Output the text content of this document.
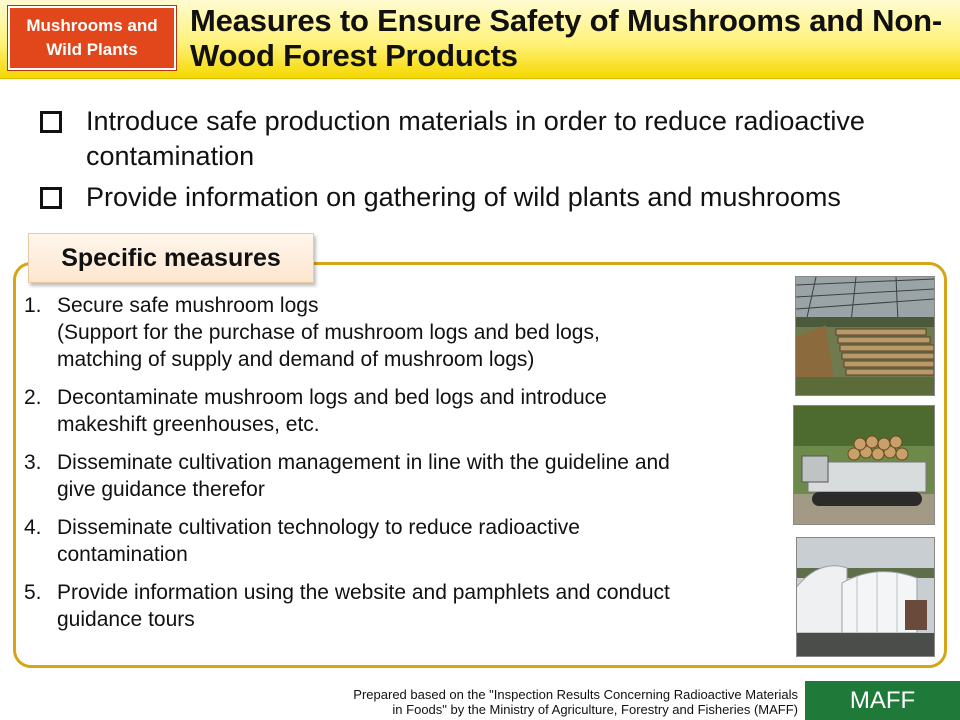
Mushrooms and Wild Plants
Measures to Ensure Safety of Mushrooms and Non-Wood Forest Products
Introduce safe production materials in order to reduce radioactive contamination
Provide information on gathering of wild plants and mushrooms
Specific measures
1. Secure safe mushroom logs
(Support for the purchase of mushroom logs and bed logs,
matching of supply and demand of mushroom logs)
2. Decontaminate mushroom logs and bed logs and introduce
makeshift greenhouses, etc.
3. Disseminate cultivation management in line with the guideline and
give guidance therefor
4. Disseminate cultivation technology to reduce radioactive
contamination
5. Provide information using the website and pamphlets and conduct
guidance tours
Prepared based on the "Inspection Results Concerning Radioactive Materials
in Foods" by the Ministry of Agriculture, Forestry and Fisheries (MAFF)	MAFF
